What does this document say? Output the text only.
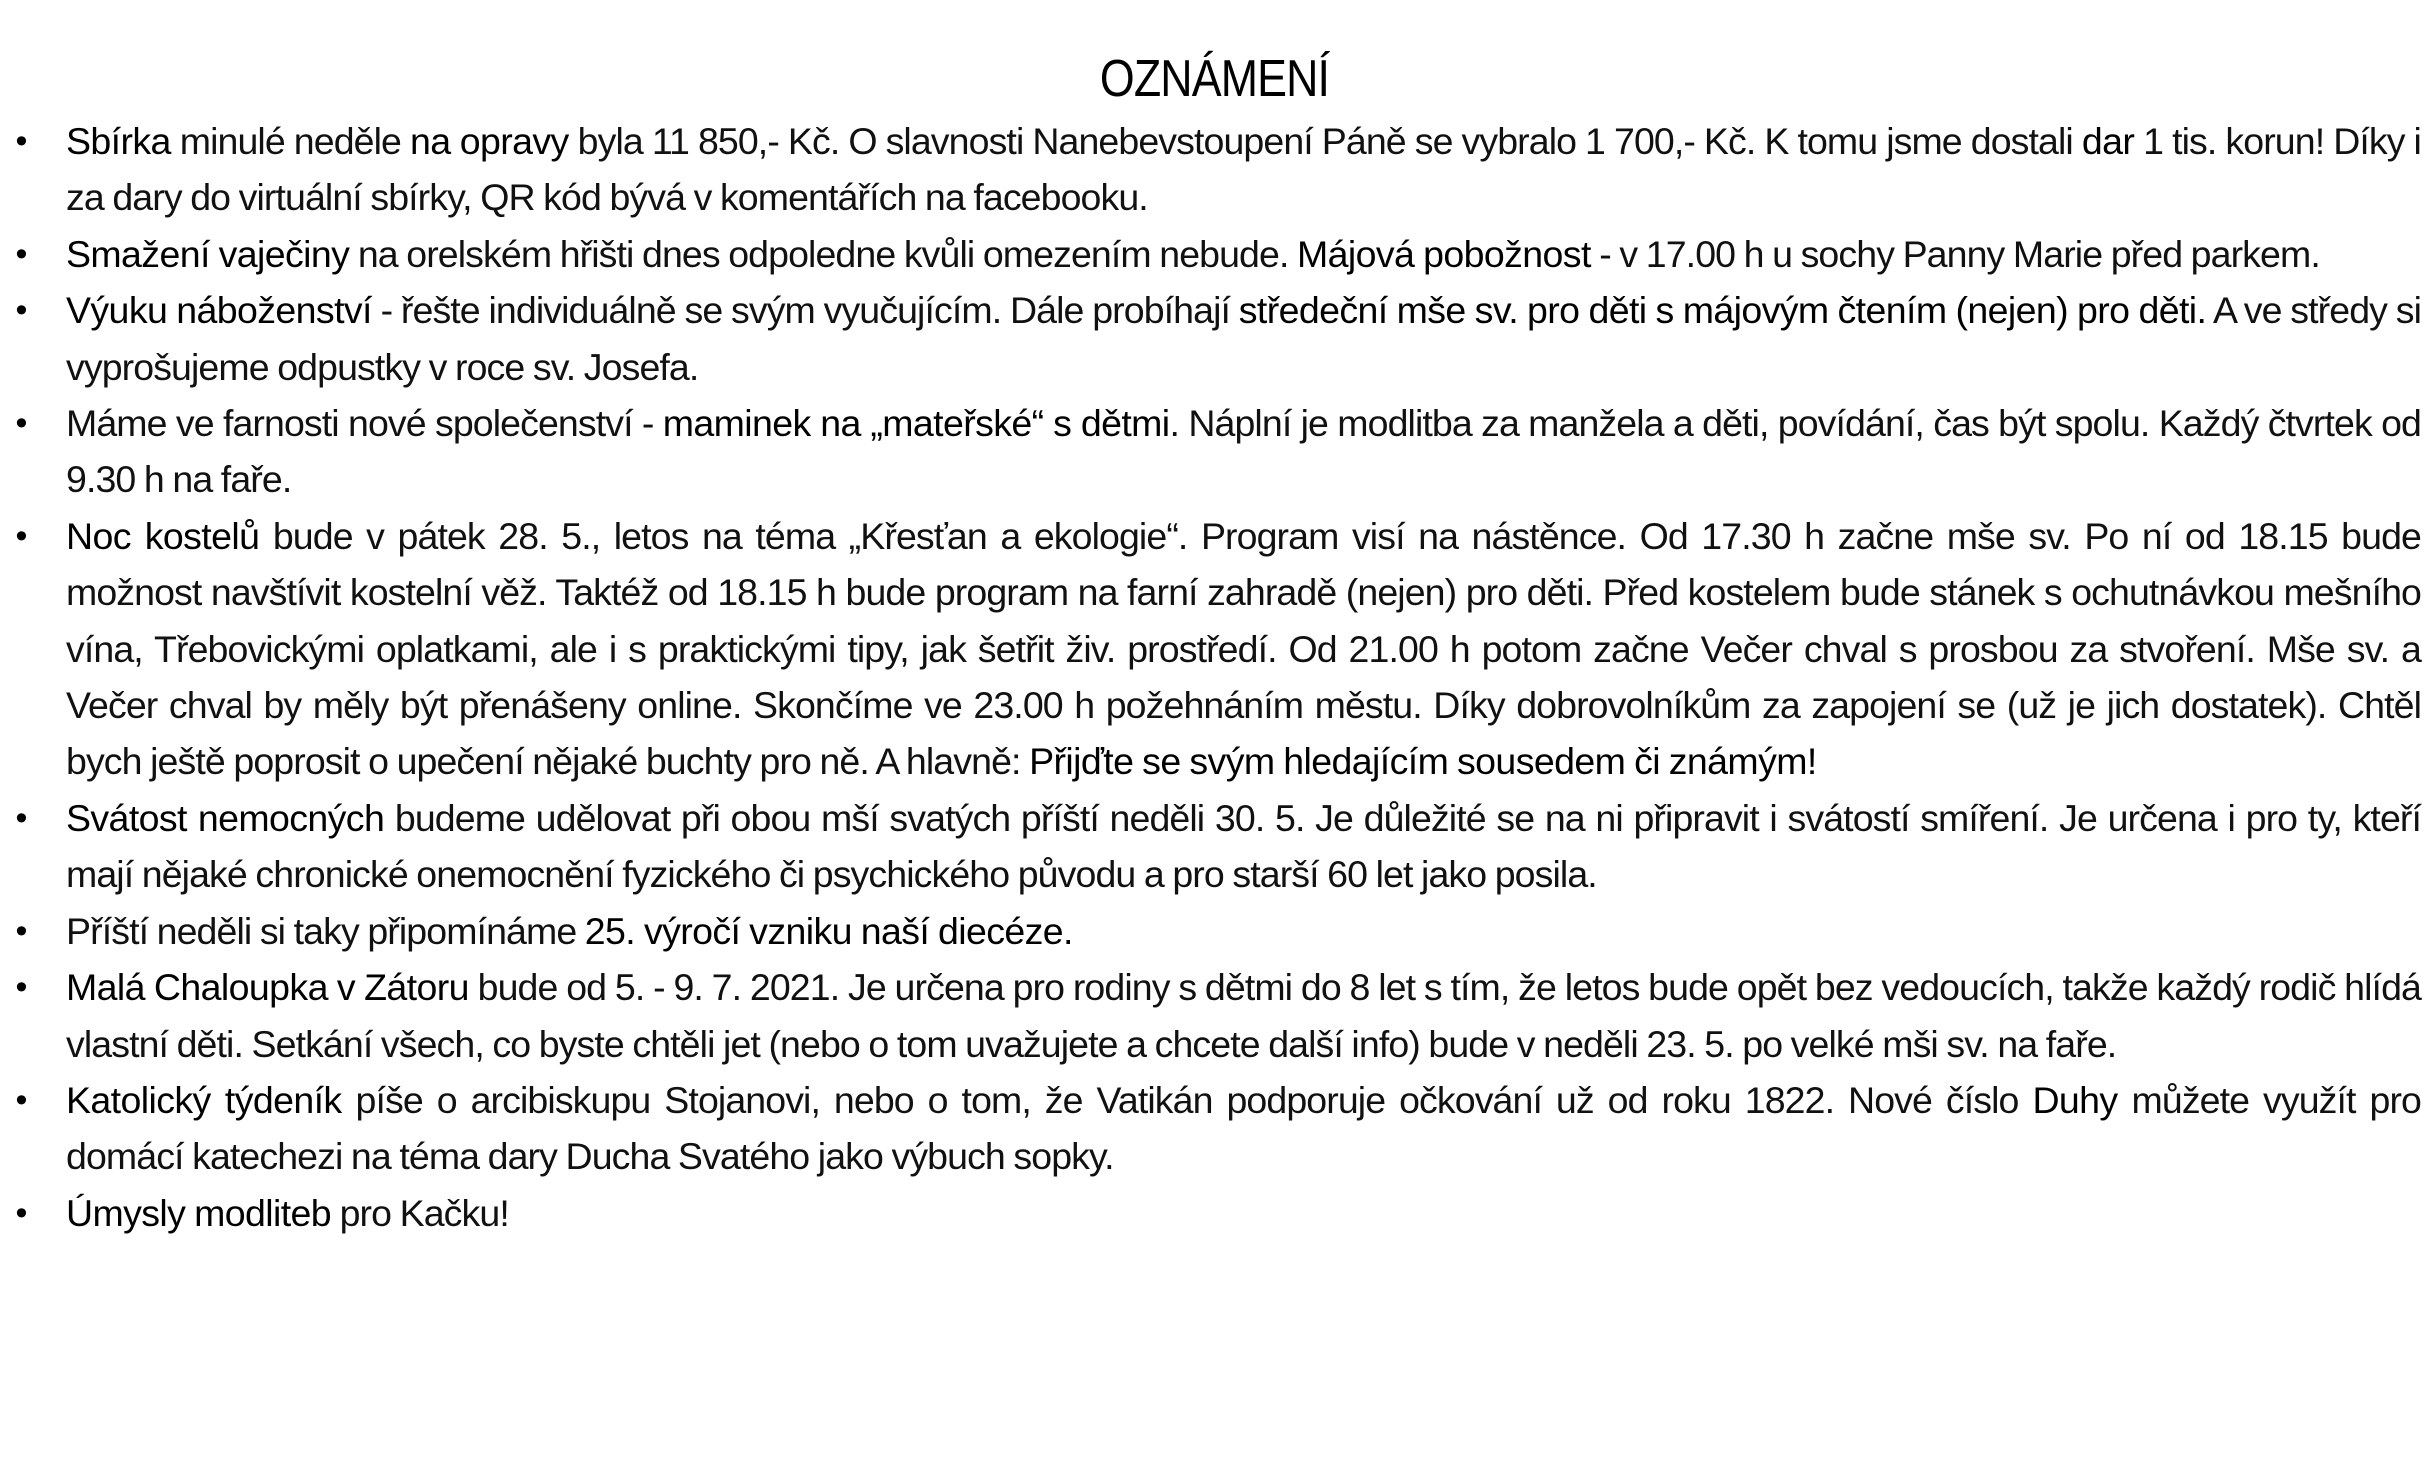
OZNÁMENÍ
• Sbírka minulé neděle na opravy byla 11 850,- Kč. O slavnosti Nanebevstoupení Páně se vybralo 1 700,- Kč. K tomu jsme dostali dar 1 tis. korun! Díky i za dary do virtuální sbírky, QR kód bývá v komentářích na facebooku.
• Smažení vaječiny na orelském hřišti dnes odpoledne kvůli omezením nebude. Májová pobožnost - v 17.00 h u sochy Panny Marie před parkem.
• Výuku náboženství - řešte individuálně se svým vyučujícím. Dále probíhají středeční mše sv. pro děti s májovým čtením (nejen) pro děti. A ve středy si vyprošujeme odpustky v roce sv. Josefa.
• Máme ve farnosti nové společenství - maminek na „mateřské“ s dětmi. Náplní je modlitba za manžela a děti, povídání, čas být spolu. Každý čtvrtek od 9.30 h na faře.
• Noc kostelů bude v pátek 28. 5., letos na téma „Křesťan a ekologie“. Program visí na nástěnce. Od 17.30 h začne mše sv. Po ní od 18.15 bude možnost navštívit kostelní věž. Taktéž od 18.15 h bude program na farní zahradě (nejen) pro děti. Před kostelem bude stánek s ochutnávkou mešního vína, Třebovickými oplatkami, ale i s praktickými tipy, jak šetřit živ. prostředí. Od 21.00 h potom začne Večer chval s prosbou za stvoření. Mše sv. a Večer chval by měly být přenášeny online. Skončíme ve 23.00 h požehnáním městu. Díky dobrovolníkům za zapojení se (už je jich dostatek). Chtěl bych ještě poprosit o upečení nějaké buchty pro ně. A hlavně: Přijďte se svým hledajícím sousedem či známým!
• Svátost nemocných budeme udělovat při obou mší svatých příští neděli 30. 5. Je důležité se na ni připravit i svátostí smíření. Je určena i pro ty, kteří mají nějaké chronické onemocnění fyzického či psychického původu a pro starší 60 let jako posila.
• Příští neděli si taky připomínáme 25. výročí vzniku naší diecéze.
• Malá Chaloupka v Zátoru bude od 5. - 9. 7. 2021. Je určena pro rodiny s dětmi do 8 let s tím, že letos bude opět bez vedoucích, takže každý rodič hlídá vlastní děti. Setkání všech, co byste chtěli jet (nebo o tom uvažujete a chcete další info) bude v neděli 23. 5. po velké mši sv. na faře.
• Katolický týdeník píše o arcibiskupu Stojanovi, nebo o tom, že Vatikán podporuje očkování už od roku 1822. Nové číslo Duhy můžete využít pro domácí katechezi na téma dary Ducha Svatého jako výbuch sopky.
• Úmysly modliteb pro Kačku!
